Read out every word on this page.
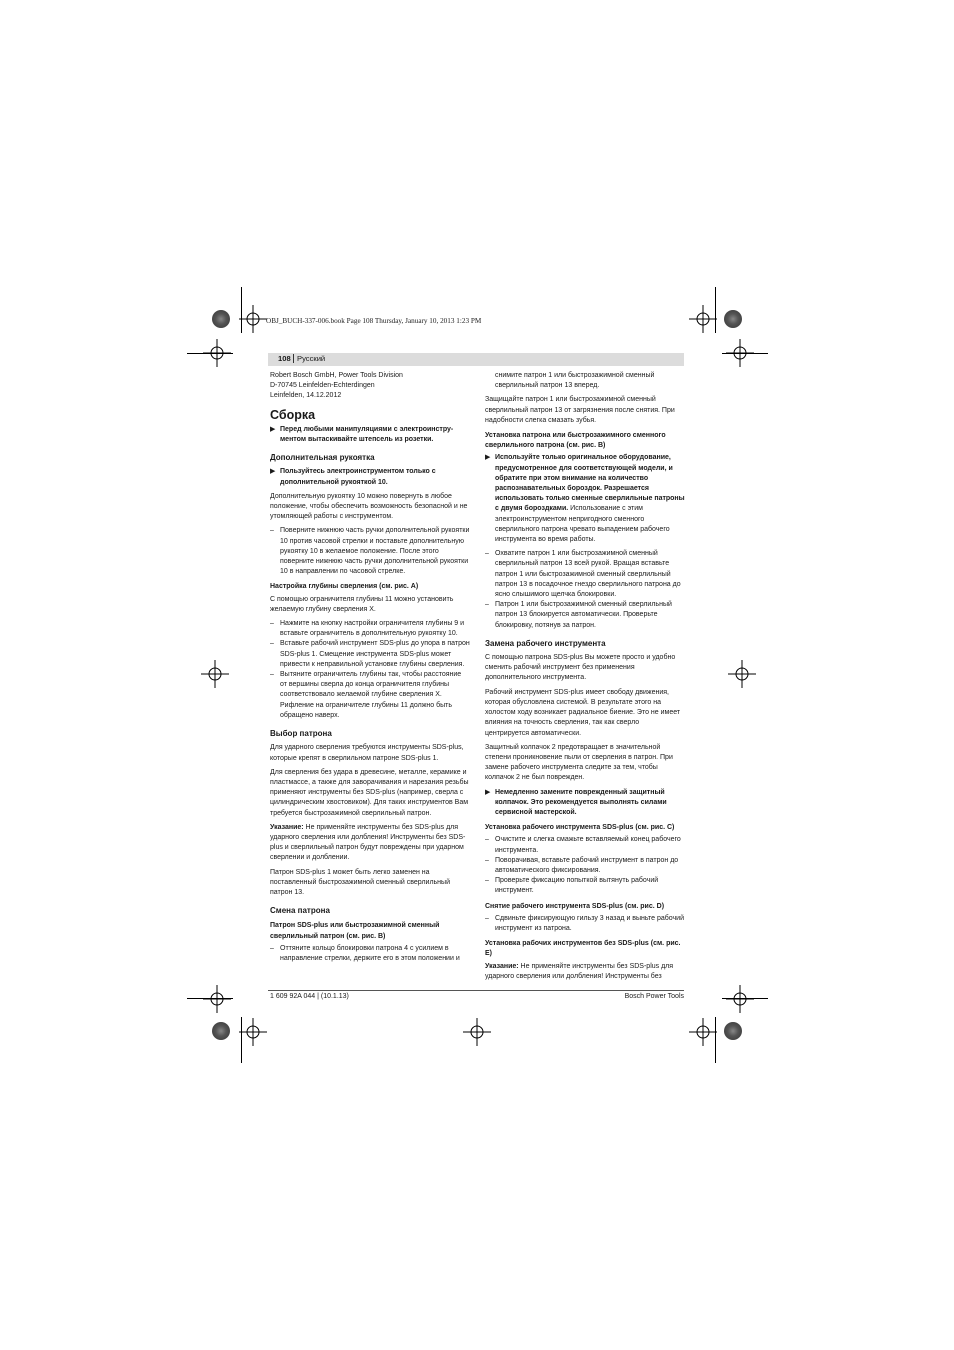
OBJ_BUCH-337-006.book Page 108 Thursday, January 10, 2013 1:23 PM
108 Русский
Robert Bosch GmbH, Power Tools Division
D-70745 Leinfelden-Echterdingen
Leinfelden, 14.12.2012
Сборка
▶ Перед любыми манипуляциями с электроинстру-ментом вытаскивайте штепсель из розетки.
Дополнительная рукоятка
▶ Пользуйтесь электроинструментом только с дополнительной рукояткой 10.

Дополнительную рукоятку 10 можно повернуть в любое положение, чтобы обеспечить возможность безопасной и не утомляющей работы с инструментом.

– Поверните нижнюю часть ручки дополнительной рукоятки 10 против часовой стрелки и поставьте дополнительную рукоятку 10 в желаемое положение. После этого поверните нижнюю часть ручки дополнительной рукоятки 10 в направлении по часовой стрелке.
Настройка глубины сверления (см. рис. А)

С помощью ограничителя глубины 11 можно установить желаемую глубину сверления X.

– Нажмите на кнопку настройки ограничителя глубины 9 и вставьте ограничитель в дополнительную рукоятку 10.
– Вставьте рабочий инструмент SDS-plus до упора в патрон SDS-plus 1. Смещение инструмента SDS-plus может привести к неправильной установке глубины сверления.
– Вытяните ограничитель глубины так, чтобы расстояние от вершины сверла до конца ограничителя глубины соответствовало желаемой глубине сверления X. Рифление на ограничителе глубины 11 должно быть обращено наверх.
Выбор патрона

Для ударного сверления требуются инструменты SDS-plus, которые крепят в сверлильном патроне SDS-plus 1.

Для сверления без удара в древесине, металле, керамике и пластмассе, а также для заворачивания и нарезания резьбы применяют инструменты без SDS-plus (например, сверла с цилиндрическим хвостовиком). Для таких инструментов Вам требуется быстрозажимной сверлильный патрон.

Указание: Не применяйте инструменты без SDS-plus для ударного сверления или долбления! Инструменты без SDS-plus и сверлильный патрон будут повреждены при ударном сверлении и долблении.

Патрон SDS-plus 1 может быть легко заменен на поставленный быстрозажимной сменный сверлильный патрон 13.

Смена патрона
Патрон SDS-plus или быстрозажимной сменный сверлильный патрон (см. рис. B)
– Оттяните кольцо блокировки патрона 4 с усилием в направление стрелки, держите его в этом положении и

снимите патрон 1 или быстрозажимной сменный сверлильный патрон 13 вперед.

Защищайте патрон 1 или быстрозажимной сменный сверлильный патрон 13 от загрязнения после снятия. При надобности слегка смазать зубья.

Установка патрона или быстрозажимного сменного сверлильного патрона (см. рис. B)
▶ Используйте только оригинальное оборудование, предусмотренное для соответствующей модели, и обратите при этом внимание на количество распознавательных бороздок. Разрешается использовать только сменные сверлильные патроны с двумя бороздками. Использование с этим электроинструментом непригодного сменного сверлильного патрона чревато выпадением рабочего инструмента во время работы.
– Охватите патрон 1 или быстрозажимной сменный сверлильный патрон 13 всей рукой. Вращая вставьте патрон 1 или быстрозажимной сменный сверлильный патрон 13 в посадочное гнездо сверлильного патрона до ясно слышимого щелчка блокировки.
– Патрон 1 или быстрозажимной сменный сверлильный патрон 13 блокируется автоматически. Проверьте блокировку, потянув за патрон.
Замена рабочего инструмента

С помощью патрона SDS-plus Вы можете просто и удобно сменить рабочий инструмент без применения дополнительного инструмента.

Рабочий инструмент SDS-plus имеет свободу движения, которая обусловлена системой. В результате этого на холостом ходу возникает радиальное биение. Это не имеет влияния на точность сверления, так как сверло центрируется автоматически.

Защитный колпачок 2 предотвращает в значительной степени проникновение пыли от сверления в патрон. При замене рабочего инструмента следите за тем, чтобы колпачок 2 не был поврежден.

▶ Немедленно замените поврежденный защитный колпачок. Это рекомендуется выполнять силами сервисной мастерской.
Установка рабочего инструмента SDS-plus (см. рис. C)
– Очистите и слегка смажьте вставляемый конец рабочего инструмента.
– Поворачивая, вставьте рабочий инструмент в патрон до автоматического фиксирования.
– Проверьте фиксацию попыткой вытянуть рабочий инструмент.
Снятие рабочего инструмента SDS-plus (см. рис. D)
– Сдвиньте фиксирующую гильзу 3 назад и выньте рабочий инструмент из патрона.
Установка рабочих инструментов без SDS-plus (см. рис. E)

Указание: Не применяйте инструменты без SDS-plus для ударного сверления или долбления! Инструменты без

1 609 92A 044 | (10.1.13)	Bosch Power Tools
